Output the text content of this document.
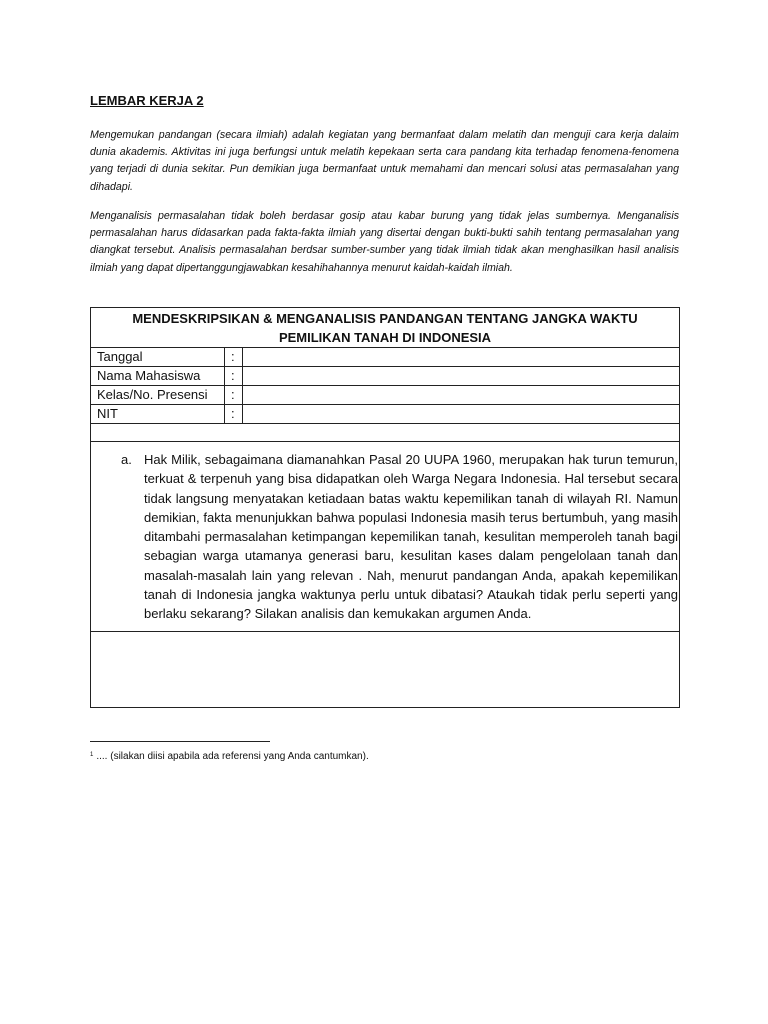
LEMBAR KERJA 2

Mengemukan pandangan (secara ilmiah) adalah kegiatan yang bermanfaat dalam melatih dan menguji cara kerja dalaim dunia akademis. Aktivitas ini juga berfungsi untuk melatih kepekaan serta cara pandang kita terhadap fenomena-fenomena yang terjadi di dunia sekitar. Pun demikian juga bermanfaat untuk memahami dan mencari solusi atas permasalahan yang dihadapi.

Menganalisis permasalahan tidak boleh berdasar gosip atau kabar burung yang tidak jelas sumbernya. Menganalisis permasalahan harus didasarkan pada fakta-fakta ilmiah yang disertai dengan bukti-bukti sahih tentang permasalahan yang diangkat tersebut. Analisis permasalahan berdsar sumber-sumber yang tidak ilmiah tidak akan menghasilkan hasil analisis ilmiah yang dapat dipertanggungjawabkan kesahihahannya menurut kaidah-kaidah ilmiah.

MENDESKRIPSIKAN & MENGANALISIS PANDANGAN TENTANG JANGKA WAKTU PEMILIKAN TANAH DI INDONESIA		
Tanggal	:	
Nama Mahasiswa	:	
Kelas/No. Presensi	:	
NIT	:	

a. Hak Milik, sebagaimana diamanahkan Pasal 20 UUPA 1960, merupakan hak turun temurun, terkuat & terpenuh yang bisa didapatkan oleh Warga Negara Indonesia. Hal tersebut secara tidak langsung menyatakan ketiadaan batas waktu kepemilikan tanah di wilayah RI. Namun demikian, fakta menunjukkan bahwa populasi Indonesia masih terus bertumbuh, yang masih ditambahi permasalahan ketimpangan kepemilikan tanah, kesulitan memperoleh tanah bagi sebagian warga utamanya generasi baru, kesulitan kases dalam pengelolaan tanah dan masalah-masalah lain yang relevan . Nah, menurut pandangan Anda, apakah kepemilikan tanah di Indonesia jangka waktunya perlu untuk dibatasi? Ataukah tidak perlu seperti yang berlaku sekarang? Silakan analisis dan kemukakan argumen Anda.		

$^1$ .... (silakan diisi apabila ada referensi yang Anda cantumkan).
